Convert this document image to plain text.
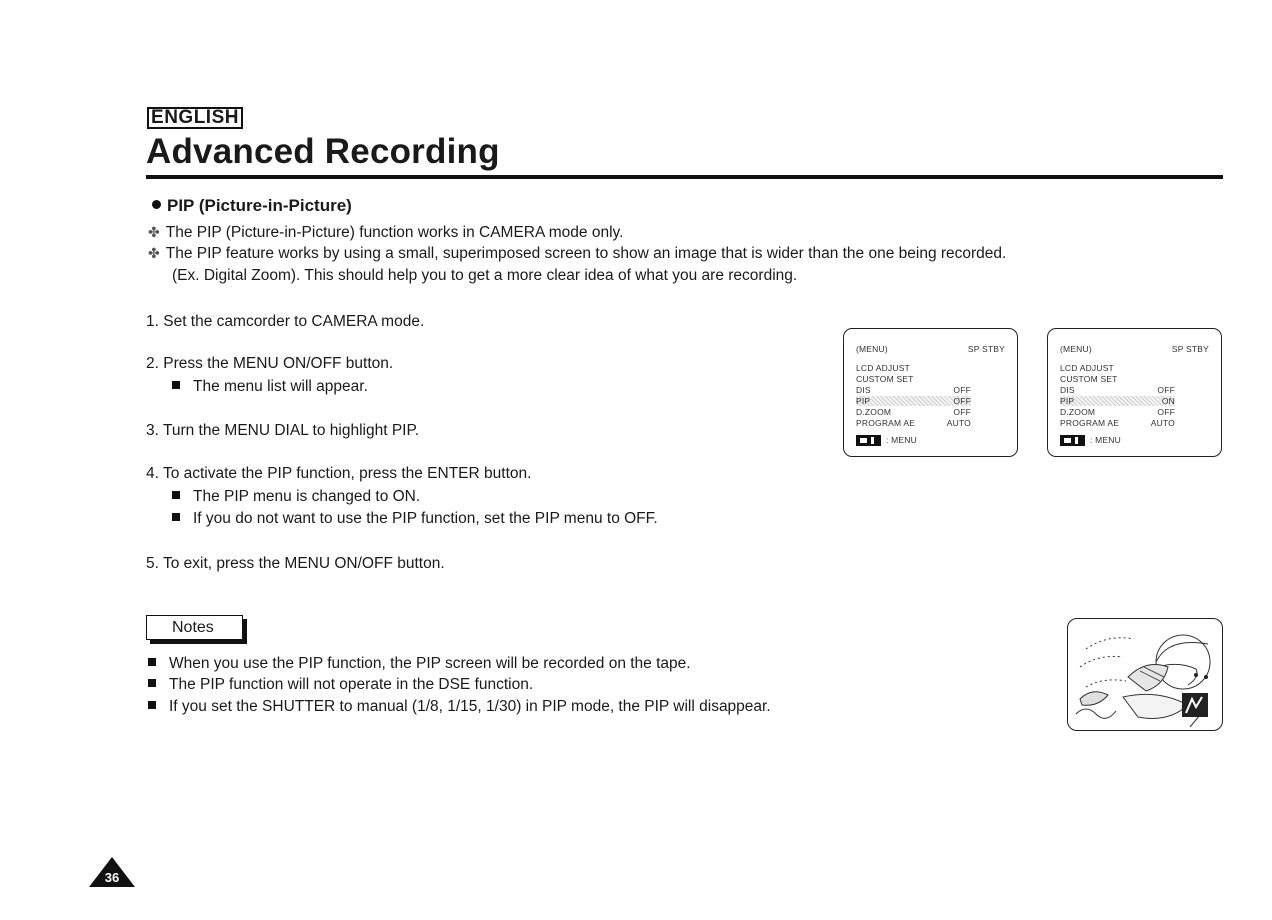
ENGLISH
Advanced Recording
PIP (Picture-in-Picture)
✤ The PIP (Picture-in-Picture) function works in CAMERA mode only.
✤ The PIP feature works by using a small, superimposed screen to show an image that is wider than the one being recorded.
(Ex. Digital Zoom). This should help you to get a more clear idea of what you are recording.
1. Set the camcorder to CAMERA mode.
2. Press the MENU ON/OFF button.
The menu list will appear.
3. Turn the MENU DIAL to highlight PIP.
4. To activate the PIP function, press the ENTER button.
The PIP menu is changed to ON.
If you do not want to use the PIP function, set the PIP menu to OFF.
5. To exit, press the MENU ON/OFF button.
(MENU)	SP STBY
LCD ADJUST
CUSTOM SET
DIS	OFF
PIP	OFF
D.ZOOM	OFF
PROGRAM AE	AUTO
: MENU
(MENU)	SP STBY
LCD ADJUST
CUSTOM SET
DIS	OFF
PIP	ON
D.ZOOM	OFF
PROGRAM AE	AUTO
: MENU
Notes
When you use the PIP function, the PIP screen will be recorded on the tape.
The PIP function will not operate in the DSE function.
If you set the SHUTTER to manual (1/8, 1/15, 1/30) in PIP mode, the PIP will disappear.
36
